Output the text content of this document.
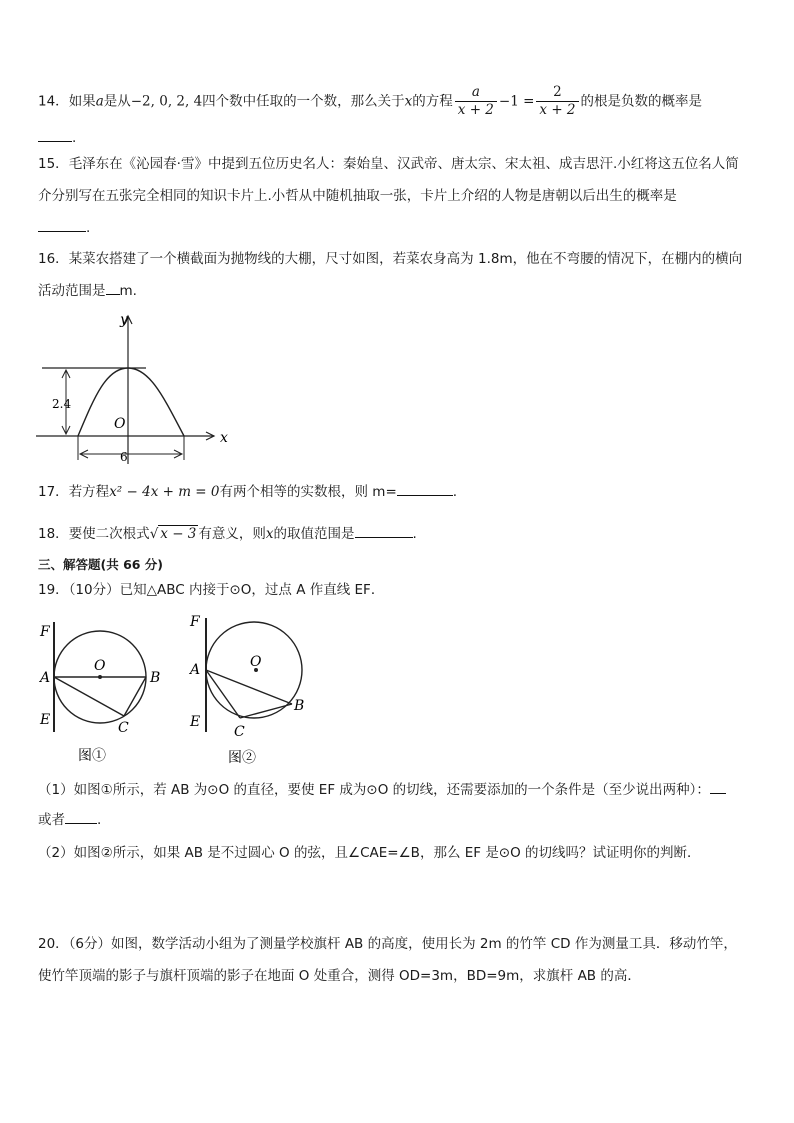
14．如果a是从−2, 0, 2, 4四个数中任取的一个数，那么关于x的方程 $\frac{a}{x + 2} -1 = \frac{2}{x + 2}$ 的根是负数的概率是
.
15．毛泽东在《沁园春·雪》中提到五位历史名人：秦始皇、汉武帝、唐太宗、宋太祖、成吉思汗.小红将这五位名人简
介分别写在五张完全相同的知识卡片上.小哲从中随机抽取一张，卡片上介绍的人物是唐朝以后出生的概率是
.
16．某菜农搭建了一个横截面为抛物线的大棚，尺寸如图，若菜农身高为 1.8m，他在不弯腰的情况下，在棚内的横向
活动范围是 m.
y
x
O
2.4
6
17．若方程x² − 4x + m = 0有两个相等的实数根，则 m=	.
18．要使二次根式√ x − 3 有意义，则x的取值范围是	.
三、解答题(共 66 分)
19．（10分）已知△ABC 内接于⊙O，过点 A 作直线 EF．
F
A
E
O
B
C
图①
F
A
E
O
B
C
图②
（1）如图①所示，若 AB 为⊙O 的直径，要使 EF 成为⊙O 的切线，还需要添加的一个条件是（至少说出两种）：
或者 .
（2）如图②所示，如果 AB 是不过圆心 O 的弦，且∠CAE=∠B，那么 EF 是⊙O 的切线吗？试证明你的判断．
20．（6分）如图，数学活动小组为了测量学校旗杆 AB 的高度，使用长为 2m 的竹竿 CD 作为测量工具．移动竹竿，
使竹竿顶端的影子与旗杆顶端的影子在地面 O 处重合，测得 OD=3m，BD=9m，求旗杆 AB 的高．
